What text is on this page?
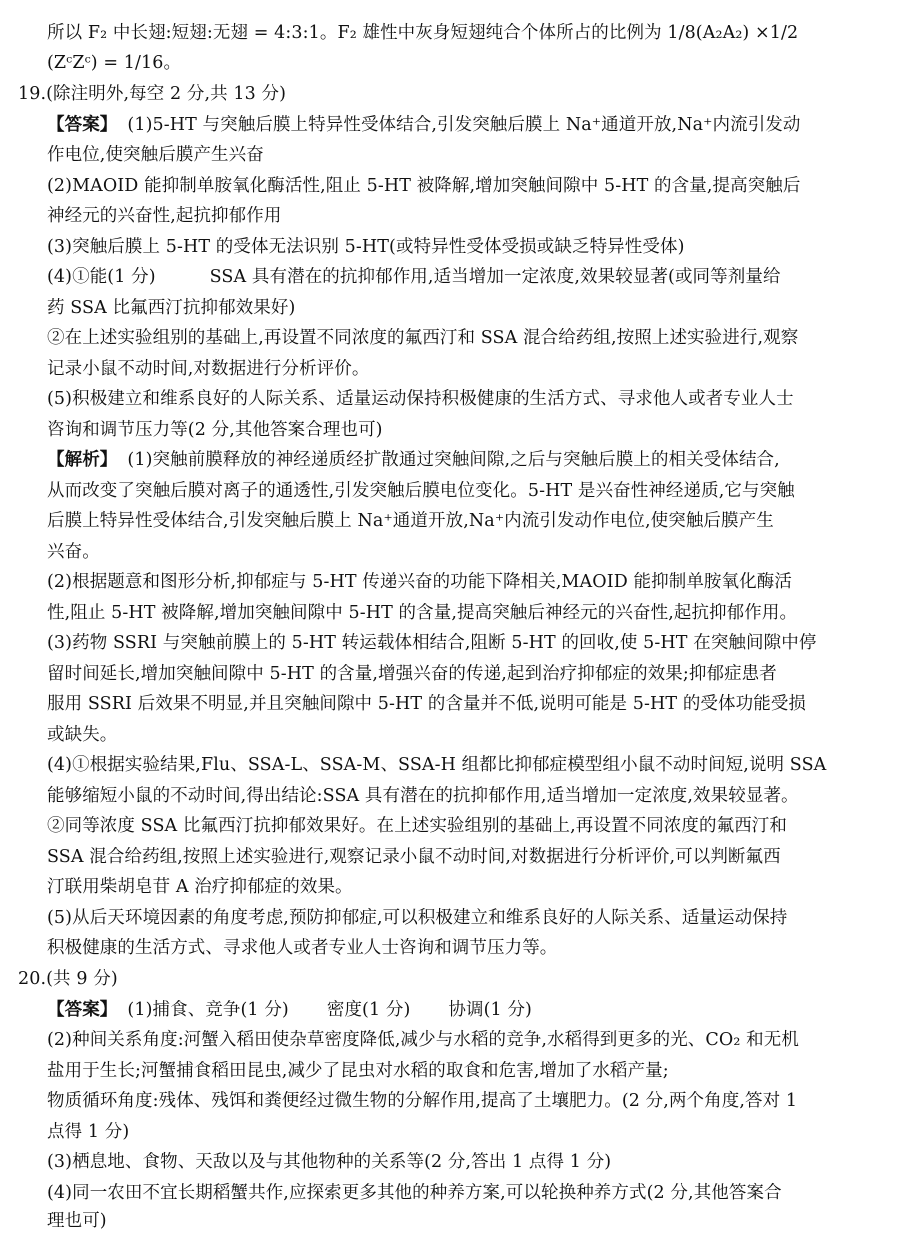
所以 F₂ 中长翅:短翅:无翅 = 4:3:1。F₂ 雄性中灰身短翅纯合个体所占的比例为 1/8(A₂A₂) ×1/2
(ZᶜZᶜ) = 1/16。
19.(除注明外,每空 2 分,共 13 分)
【答案】 (1)5-HT 与突触后膜上特异性受体结合,引发突触后膜上 Na⁺通道开放,Na⁺内流引发动
作电位,使突触后膜产生兴奋
(2)MAOID 能抑制单胺氧化酶活性,阻止 5-HT 被降解,增加突触间隙中 5-HT 的含量,提高突触后
神经元的兴奋性,起抗抑郁作用
(3)突触后膜上 5-HT 的受体无法识别 5-HT(或特异性受体受损或缺乏特异性受体)
(4)①能(1 分)	SSA 具有潜在的抗抑郁作用,适当增加一定浓度,效果较显著(或同等剂量给
药 SSA 比氟西汀抗抑郁效果好)
②在上述实验组别的基础上,再设置不同浓度的氟西汀和 SSA 混合给药组,按照上述实验进行,观察
记录小鼠不动时间,对数据进行分析评价。
(5)积极建立和维系良好的人际关系、适量运动保持积极健康的生活方式、寻求他人或者专业人士
咨询和调节压力等(2 分,其他答案合理也可)
【解析】 (1)突触前膜释放的神经递质经扩散通过突触间隙,之后与突触后膜上的相关受体结合,
从而改变了突触后膜对离子的通透性,引发突触后膜电位变化。5-HT 是兴奋性神经递质,它与突触
后膜上特异性受体结合,引发突触后膜上 Na⁺通道开放,Na⁺内流引发动作电位,使突触后膜产生
兴奋。
(2)根据题意和图形分析,抑郁症与 5-HT 传递兴奋的功能下降相关,MAOID 能抑制单胺氧化酶活
性,阻止 5-HT 被降解,增加突触间隙中 5-HT 的含量,提高突触后神经元的兴奋性,起抗抑郁作用。
(3)药物 SSRI 与突触前膜上的 5-HT 转运载体相结合,阻断 5-HT 的回收,使 5-HT 在突触间隙中停
留时间延长,增加突触间隙中 5-HT 的含量,增强兴奋的传递,起到治疗抑郁症的效果;抑郁症患者
服用 SSRI 后效果不明显,并且突触间隙中 5-HT 的含量并不低,说明可能是 5-HT 的受体功能受损
或缺失。
(4)①根据实验结果,Flu、SSA-L、SSA-M、SSA-H 组都比抑郁症模型组小鼠不动时间短,说明 SSA
能够缩短小鼠的不动时间,得出结论:SSA 具有潜在的抗抑郁作用,适当增加一定浓度,效果较显著。
②同等浓度 SSA 比氟西汀抗抑郁效果好。在上述实验组别的基础上,再设置不同浓度的氟西汀和
SSA 混合给药组,按照上述实验进行,观察记录小鼠不动时间,对数据进行分析评价,可以判断氟西
汀联用柴胡皂苷 A 治疗抑郁症的效果。
(5)从后天环境因素的角度考虑,预防抑郁症,可以积极建立和维系良好的人际关系、适量运动保持
积极健康的生活方式、寻求他人或者专业人士咨询和调节压力等。
20.(共 9 分)
【答案】 (1)捕食、竞争(1 分) 密度(1 分) 协调(1 分)
(2)种间关系角度:河蟹入稻田使杂草密度降低,减少与水稻的竞争,水稻得到更多的光、CO₂ 和无机
盐用于生长;河蟹捕食稻田昆虫,减少了昆虫对水稻的取食和危害,增加了水稻产量;
物质循环角度:残体、残饵和粪便经过微生物的分解作用,提高了土壤肥力。(2 分,两个角度,答对 1
点得 1 分)
(3)栖息地、食物、天敌以及与其他物种的关系等(2 分,答出 1 点得 1 分)
(4)同一农田不宜长期稻蟹共作,应探索更多其他的种养方案,可以轮换种养方式(2 分,其他答案合
理也可)
